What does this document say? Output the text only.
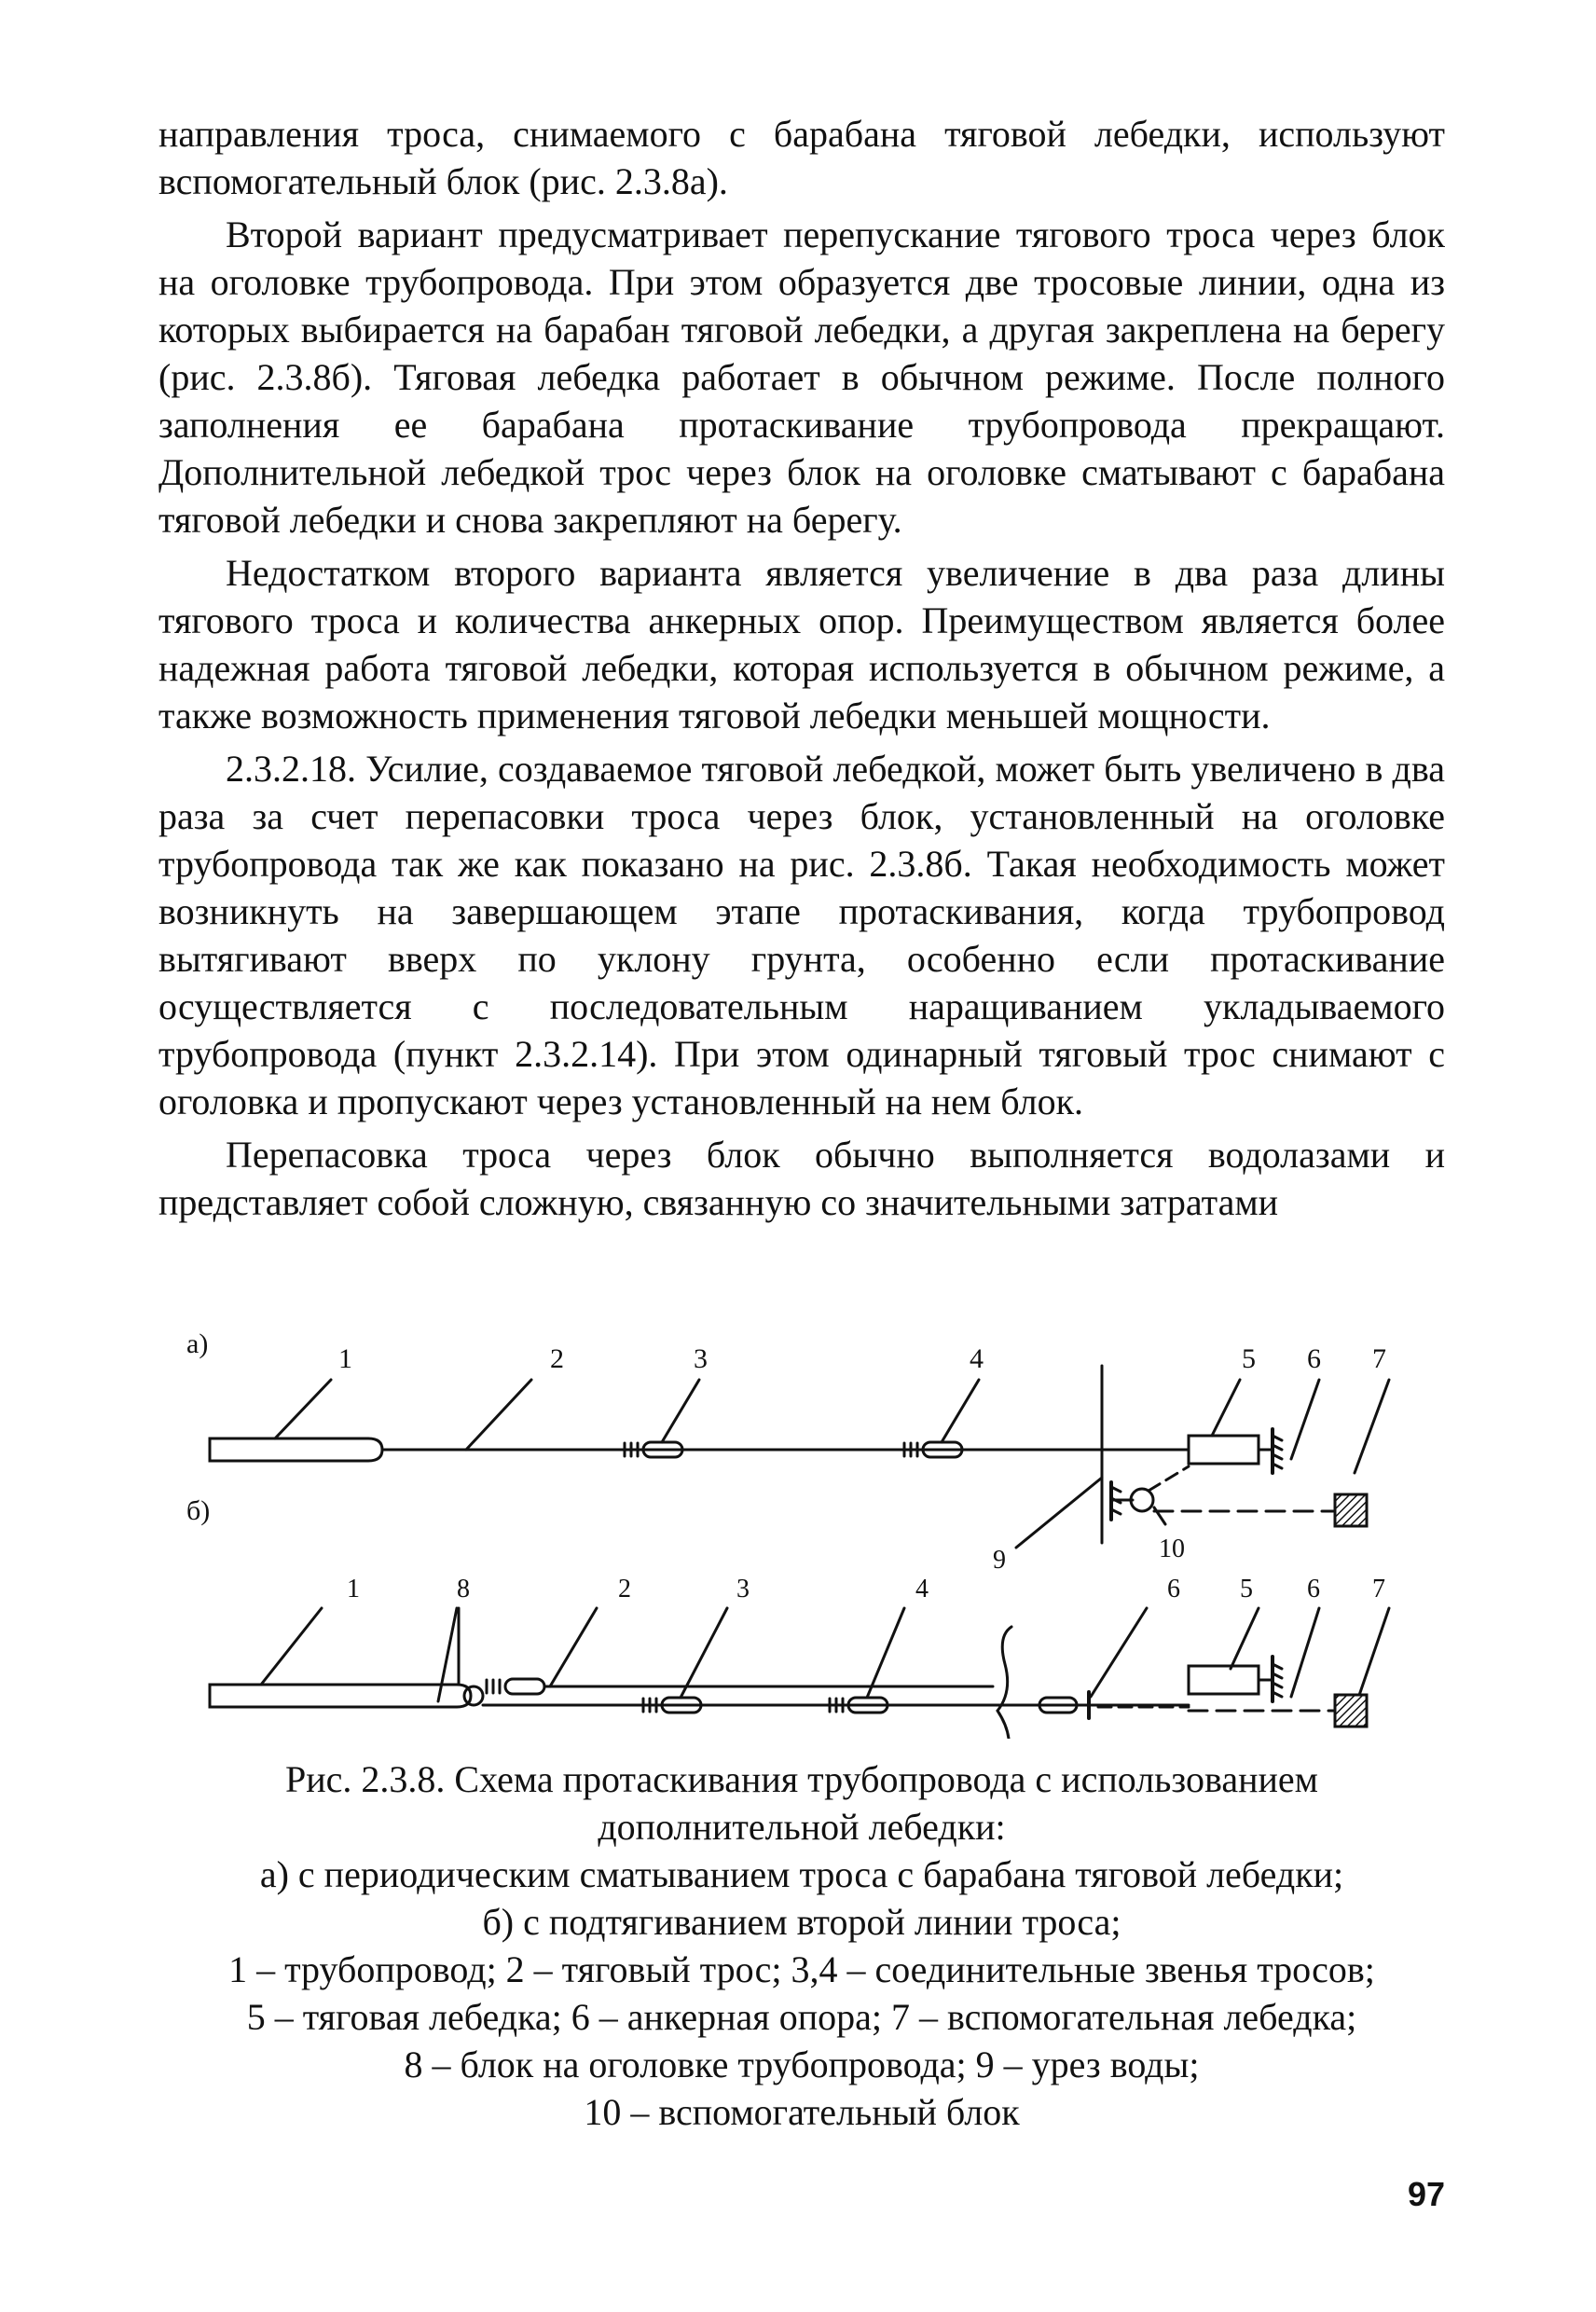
направления троса, снимаемого с барабана тяговой лебедки, используют вспомогательный блок (рис. 2.3.8а).

Второй вариант предусматривает перепускание тягового троса через блок на оголовке трубопровода. При этом образуется две тросовые линии, одна из которых выбирается на барабан тяговой лебедки, а другая закреплена на берегу (рис. 2.3.8б). Тяговая лебедка работает в обычном режиме. После полного заполнения ее барабана протаскивание трубопровода прекращают. Дополнительной лебедкой трос через блок на оголовке сматывают с барабана тяговой лебедки и снова закрепляют на берегу.

Недостатком второго варианта является увеличение в два раза длины тягового троса и количества анкерных опор. Преимуществом является более надежная работа тяговой лебедки, которая используется в обычном режиме, а также возможность применения тяговой лебедки меньшей мощности.

2.3.2.18. Усилие, создаваемое тяговой лебедкой, может быть увеличено в два раза за счет перепасовки троса через блок, установленный на оголовке трубопровода так же как показано на рис. 2.3.8б. Такая необходимость может возникнуть на завершающем этапе протаскивания, когда трубопровод вытягивают вверх по уклону грунта, особенно если протаскивание осуществляется с последовательным наращиванием укладываемого трубопровода (пункт 2.3.2.14). При этом одинарный тяговый трос снимают с оголовка и пропускают через установленный на нем блок.

Перепасовка троса через блок обычно выполняется водолазами и представляет собой сложную, связанную со значительными затратами

а)	1	2	3	4	5 6 7
9	10
б)
1	8	2	3	4	6 5 6 7
Рис. 2.3.8. Схема протаскивания трубопровода с использованием
дополнительной лебедки:
а) с периодическим сматыванием троса с барабана тяговой лебедки;
б) с подтягиванием второй линии троса;
1 – трубопровод; 2 – тяговый трос; 3,4 – соединительные звенья тросов;
5 – тяговая лебедка; 6 – анкерная опора; 7 – вспомогательная лебедка;
8 – блок на оголовке трубопровода; 9 – урез воды;
10 – вспомогательный блок
97
